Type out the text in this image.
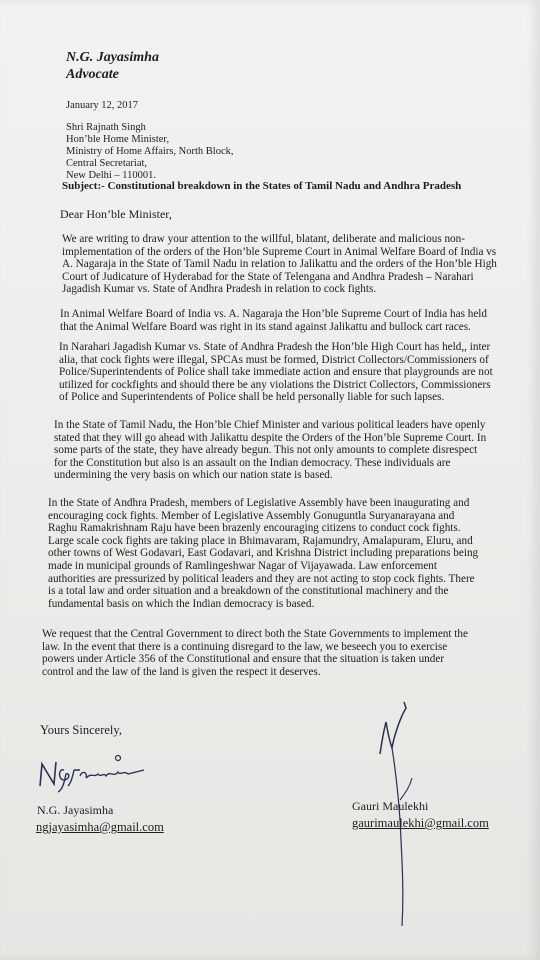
N.G. Jayasimha
Advocate
January 12, 2017
Shri Rajnath Singh
Hon’ble Home Minister,
Ministry of Home Affairs, North Block,
Central Secretariat,
New Delhi – 110001.
Subject:- Constitutional breakdown in the States of Tamil Nadu and Andhra Pradesh
Dear Hon’ble Minister,
We are writing to draw your attention to the willful, blatant, deliberate and malicious non-
implementation of the orders of the Hon’ble Supreme Court in Animal Welfare Board of India vs
A. Nagaraja in the State of Tamil Nadu in relation to Jalikattu and the orders of the Hon’ble High
Court of Judicature of Hyderabad for the State of Telengana and Andhra Pradesh – Narahari
Jagadish Kumar vs. State of Andhra Pradesh in relation to cock fights.
In Animal Welfare Board of India vs. A. Nagaraja the Hon’ble Supreme Court of India has held
that the Animal Welfare Board was right in its stand against Jalikattu and bullock cart races.
In Narahari Jagadish Kumar vs. State of Andhra Pradesh the Hon’ble High Court has held,, inter
alia, that cock fights were illegal, SPCAs must be formed, District Collectors/Commissioners of
Police/Superintendents of Police shall take immediate action and ensure that playgrounds are not
utilized for cockfights and should there be any violations the District Collectors, Commissioners
of Police and Superintendents of Police shall be held personally liable for such lapses.
In the State of Tamil Nadu, the Hon’ble Chief Minister and various political leaders have openly
stated that they will go ahead with Jalikattu despite the Orders of the Hon’ble Supreme Court. In
some parts of the state, they have already begun. This not only amounts to complete disrespect
for the Constitution but also is an assault on the Indian democracy. These individuals are
undermining the very basis on which our nation state is based.
In the State of Andhra Pradesh, members of Legislative Assembly have been inaugurating and
encouraging cock fights. Member of Legislative Assembly Gonuguntla Suryanarayana and
Raghu Ramakrishnam Raju have been brazenly encouraging citizens to conduct cock fights.
Large scale cock fights are taking place in Bhimavaram, Rajamundry, Amalapuram, Eluru, and
other towns of West Godavari, East Godavari, and Krishna District including preparations being
made in municipal grounds of Ramlingeshwar Nagar of Vijayawada. Law enforcement
authorities are pressurized by political leaders and they are not acting to stop cock fights. There
is a total law and order situation and a breakdown of the constitutional machinery and the
fundamental basis on which the Indian democracy is based.
We request that the Central Government to direct both the State Governments to implement the
law. In the event that there is a continuing disregard to the law, we beseech you to exercise
powers under Article 356 of the Constitutional and ensure that the situation is taken under
control and the law of the land is given the respect it deserves.
Yours Sincerely,
N.G. Jayasimha
ngjayasimha@gmail.com
Gauri Maulekhi
gaurimaulekhi@gmail.com
